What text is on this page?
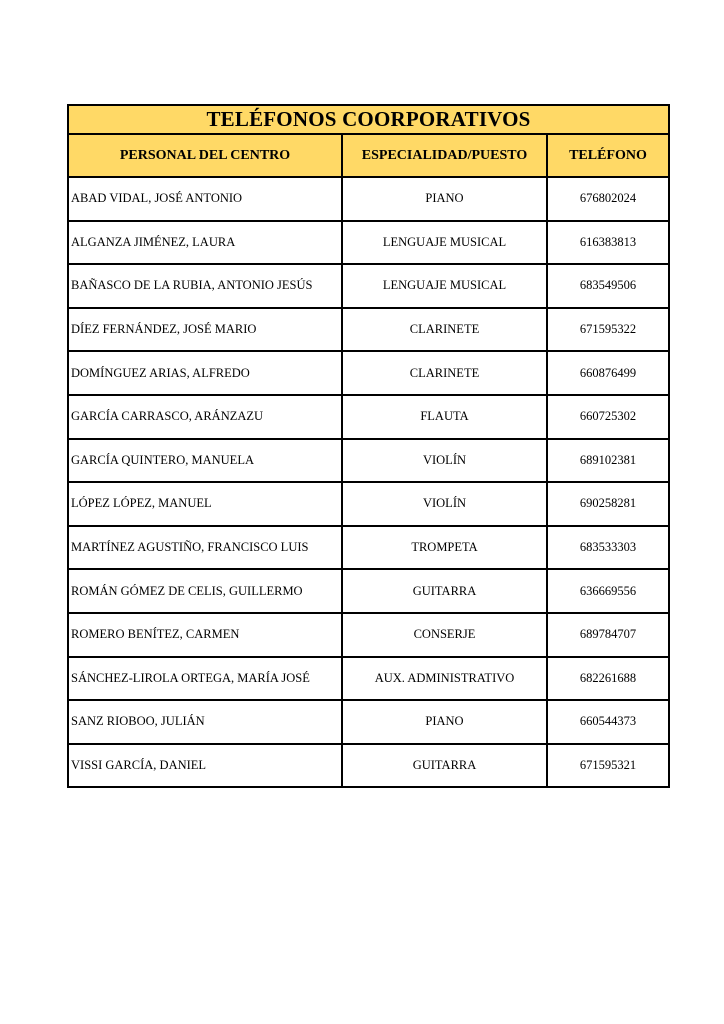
TELÉFONOS COORPORATIVOS
PERSONAL DEL CENTRO	ESPECIALIDAD/PUESTO	TELÉFONO
ABAD VIDAL, JOSÉ ANTONIO	PIANO	676802024
ALGANZA JIMÉNEZ, LAURA	LENGUAJE MUSICAL	616383813
BAÑASCO DE LA RUBIA, ANTONIO JESÚS	LENGUAJE MUSICAL	683549506
DÍEZ FERNÁNDEZ, JOSÉ MARIO	CLARINETE	671595322
DOMÍNGUEZ ARIAS, ALFREDO	CLARINETE	660876499
GARCÍA CARRASCO, ARÁNZAZU	FLAUTA	660725302
GARCÍA QUINTERO, MANUELA	VIOLÍN	689102381
LÓPEZ LÓPEZ, MANUEL	VIOLÍN	690258281
MARTÍNEZ AGUSTIÑO, FRANCISCO LUIS	TROMPETA	683533303
ROMÁN GÓMEZ DE CELIS, GUILLERMO	GUITARRA	636669556
ROMERO BENÍTEZ, CARMEN	CONSERJE	689784707
SÁNCHEZ-LIROLA ORTEGA, MARÍA JOSÉ	AUX. ADMINISTRATIVO	682261688
SANZ RIOBOO, JULIÁN	PIANO	660544373
VISSI GARCÍA, DANIEL	GUITARRA	671595321
